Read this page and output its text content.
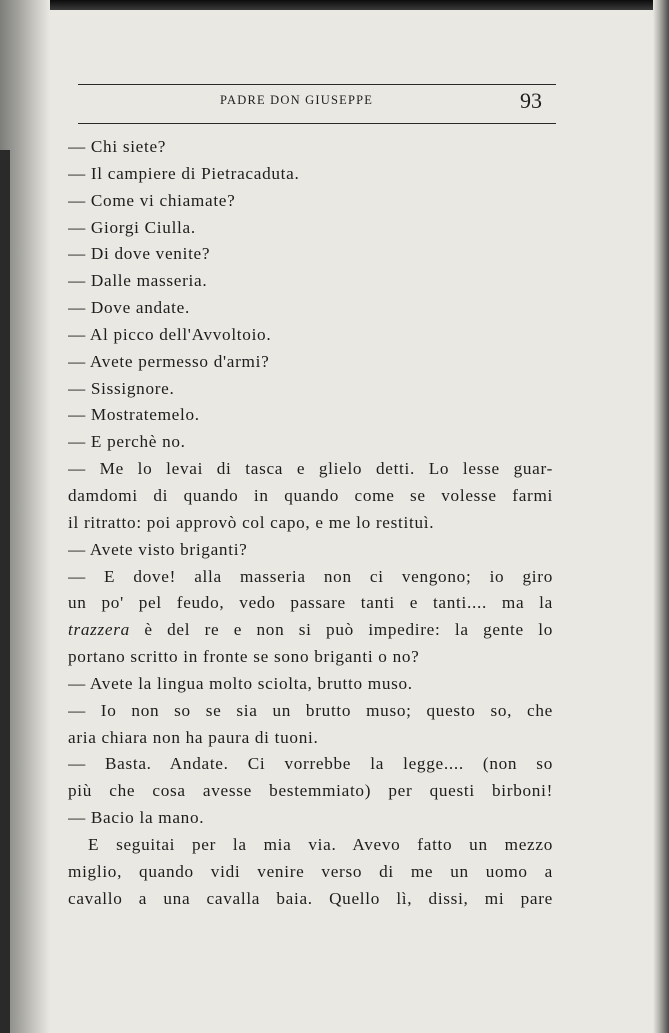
PADRE DON GIUSEPPE	93
— Chi siete?
— Il campiere di Pietracaduta.
— Come vi chiamate?
— Giorgi Ciulla.
— Di dove venite?
— Dalle masseria.
— Dove andate.
— Al picco dell'Avvoltoio.
— Avete permesso d'armi?
— Sissignore.
— Mostratemelo.
— E perchè no.
— Me lo levai di tasca e glielo detti. Lo lesse guar-
damdomi di quando in quando come se volesse farmi
il ritratto: poi approvò col capo, e me lo restituì.
— Avete visto briganti?
— E dove! alla masseria non ci vengono; io giro
un po' pel feudo, vedo passare tanti e tanti.... ma la
trazzera è del re e non si può impedire: la gente lo
portano scritto in fronte se sono briganti o no?
— Avete la lingua molto sciolta, brutto muso.
— Io non so se sia un brutto muso; questo so, che
aria chiara non ha paura di tuoni.
— Basta. Andate. Ci vorrebbe la legge.... (non so
più che cosa avesse bestemmiato) per questi birboni!
— Bacio la mano.
E seguitai per la mia via. Avevo fatto un mezzo
miglio, quando vidi venire verso di me un uomo a
cavallo a una cavalla baia. Quello lì, dissi, mi pare
